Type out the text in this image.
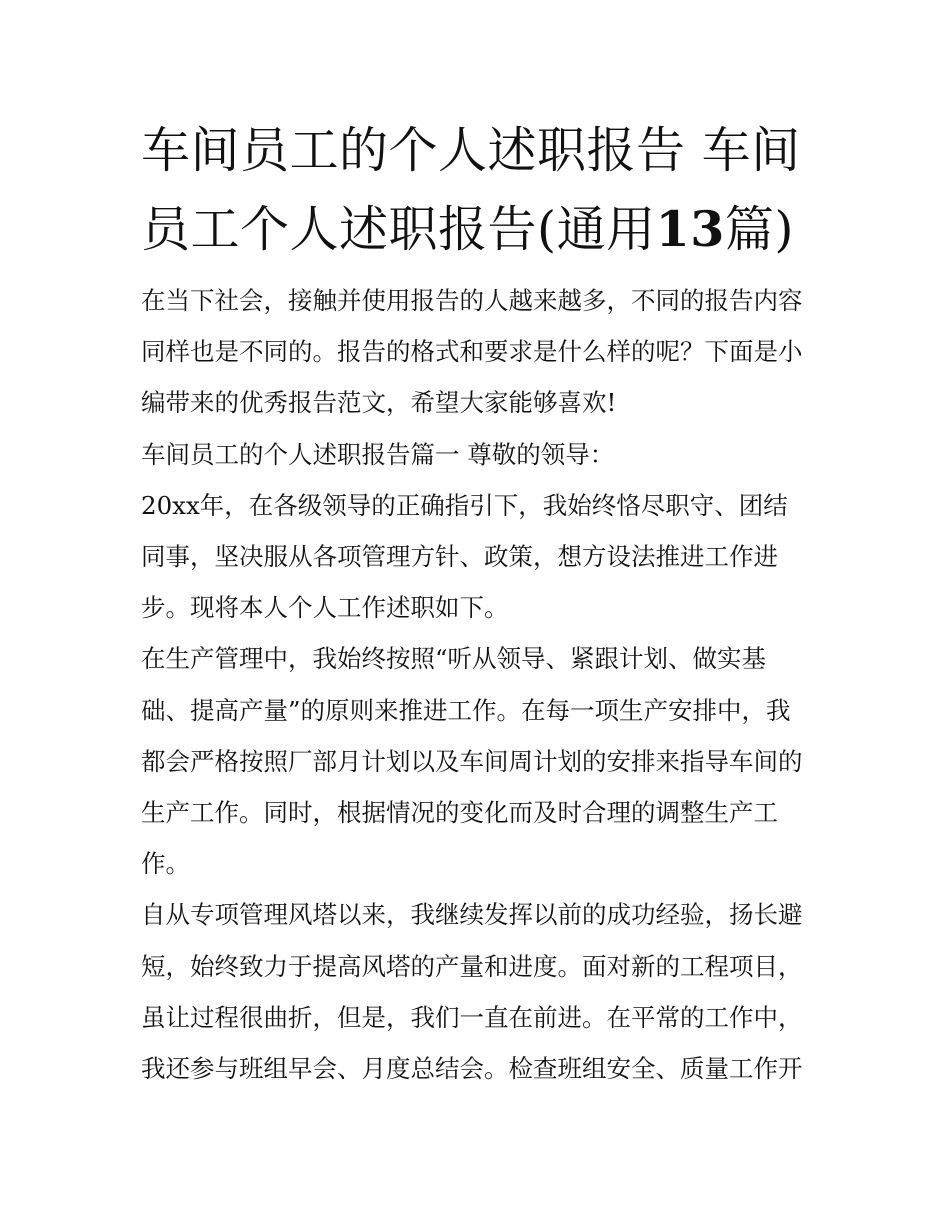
车间员工的个人述职报告 车间
员工个人述职报告(通用13篇)

在当下社会，接触并使用报告的人越来越多，不同的报告内容
同样也是不同的。报告的格式和要求是什么样的呢？下面是小
编带来的优秀报告范文，希望大家能够喜欢!

车间员工的个人述职报告篇一 尊敬的领导：

20xx年，在各级领导的正确指引下，我始终恪尽职守、团结
同事，坚决服从各项管理方针、政策，想方设法推进工作进
步。现将本人个人工作述职如下。

在生产管理中，我始终按照“听从领导、紧跟计划、做实基
础、提高产量”的原则来推进工作。在每一项生产安排中，我
都会严格按照厂部月计划以及车间周计划的安排来指导车间的
生产工作。同时，根据情况的变化而及时合理的调整生产工
作。

自从专项管理风塔以来，我继续发挥以前的成功经验，扬长避
短，始终致力于提高风塔的产量和进度。面对新的工程项目，
虽让过程很曲折，但是，我们一直在前进。在平常的工作中，
我还参与班组早会、月度总结会。检查班组安全、质量工作开
